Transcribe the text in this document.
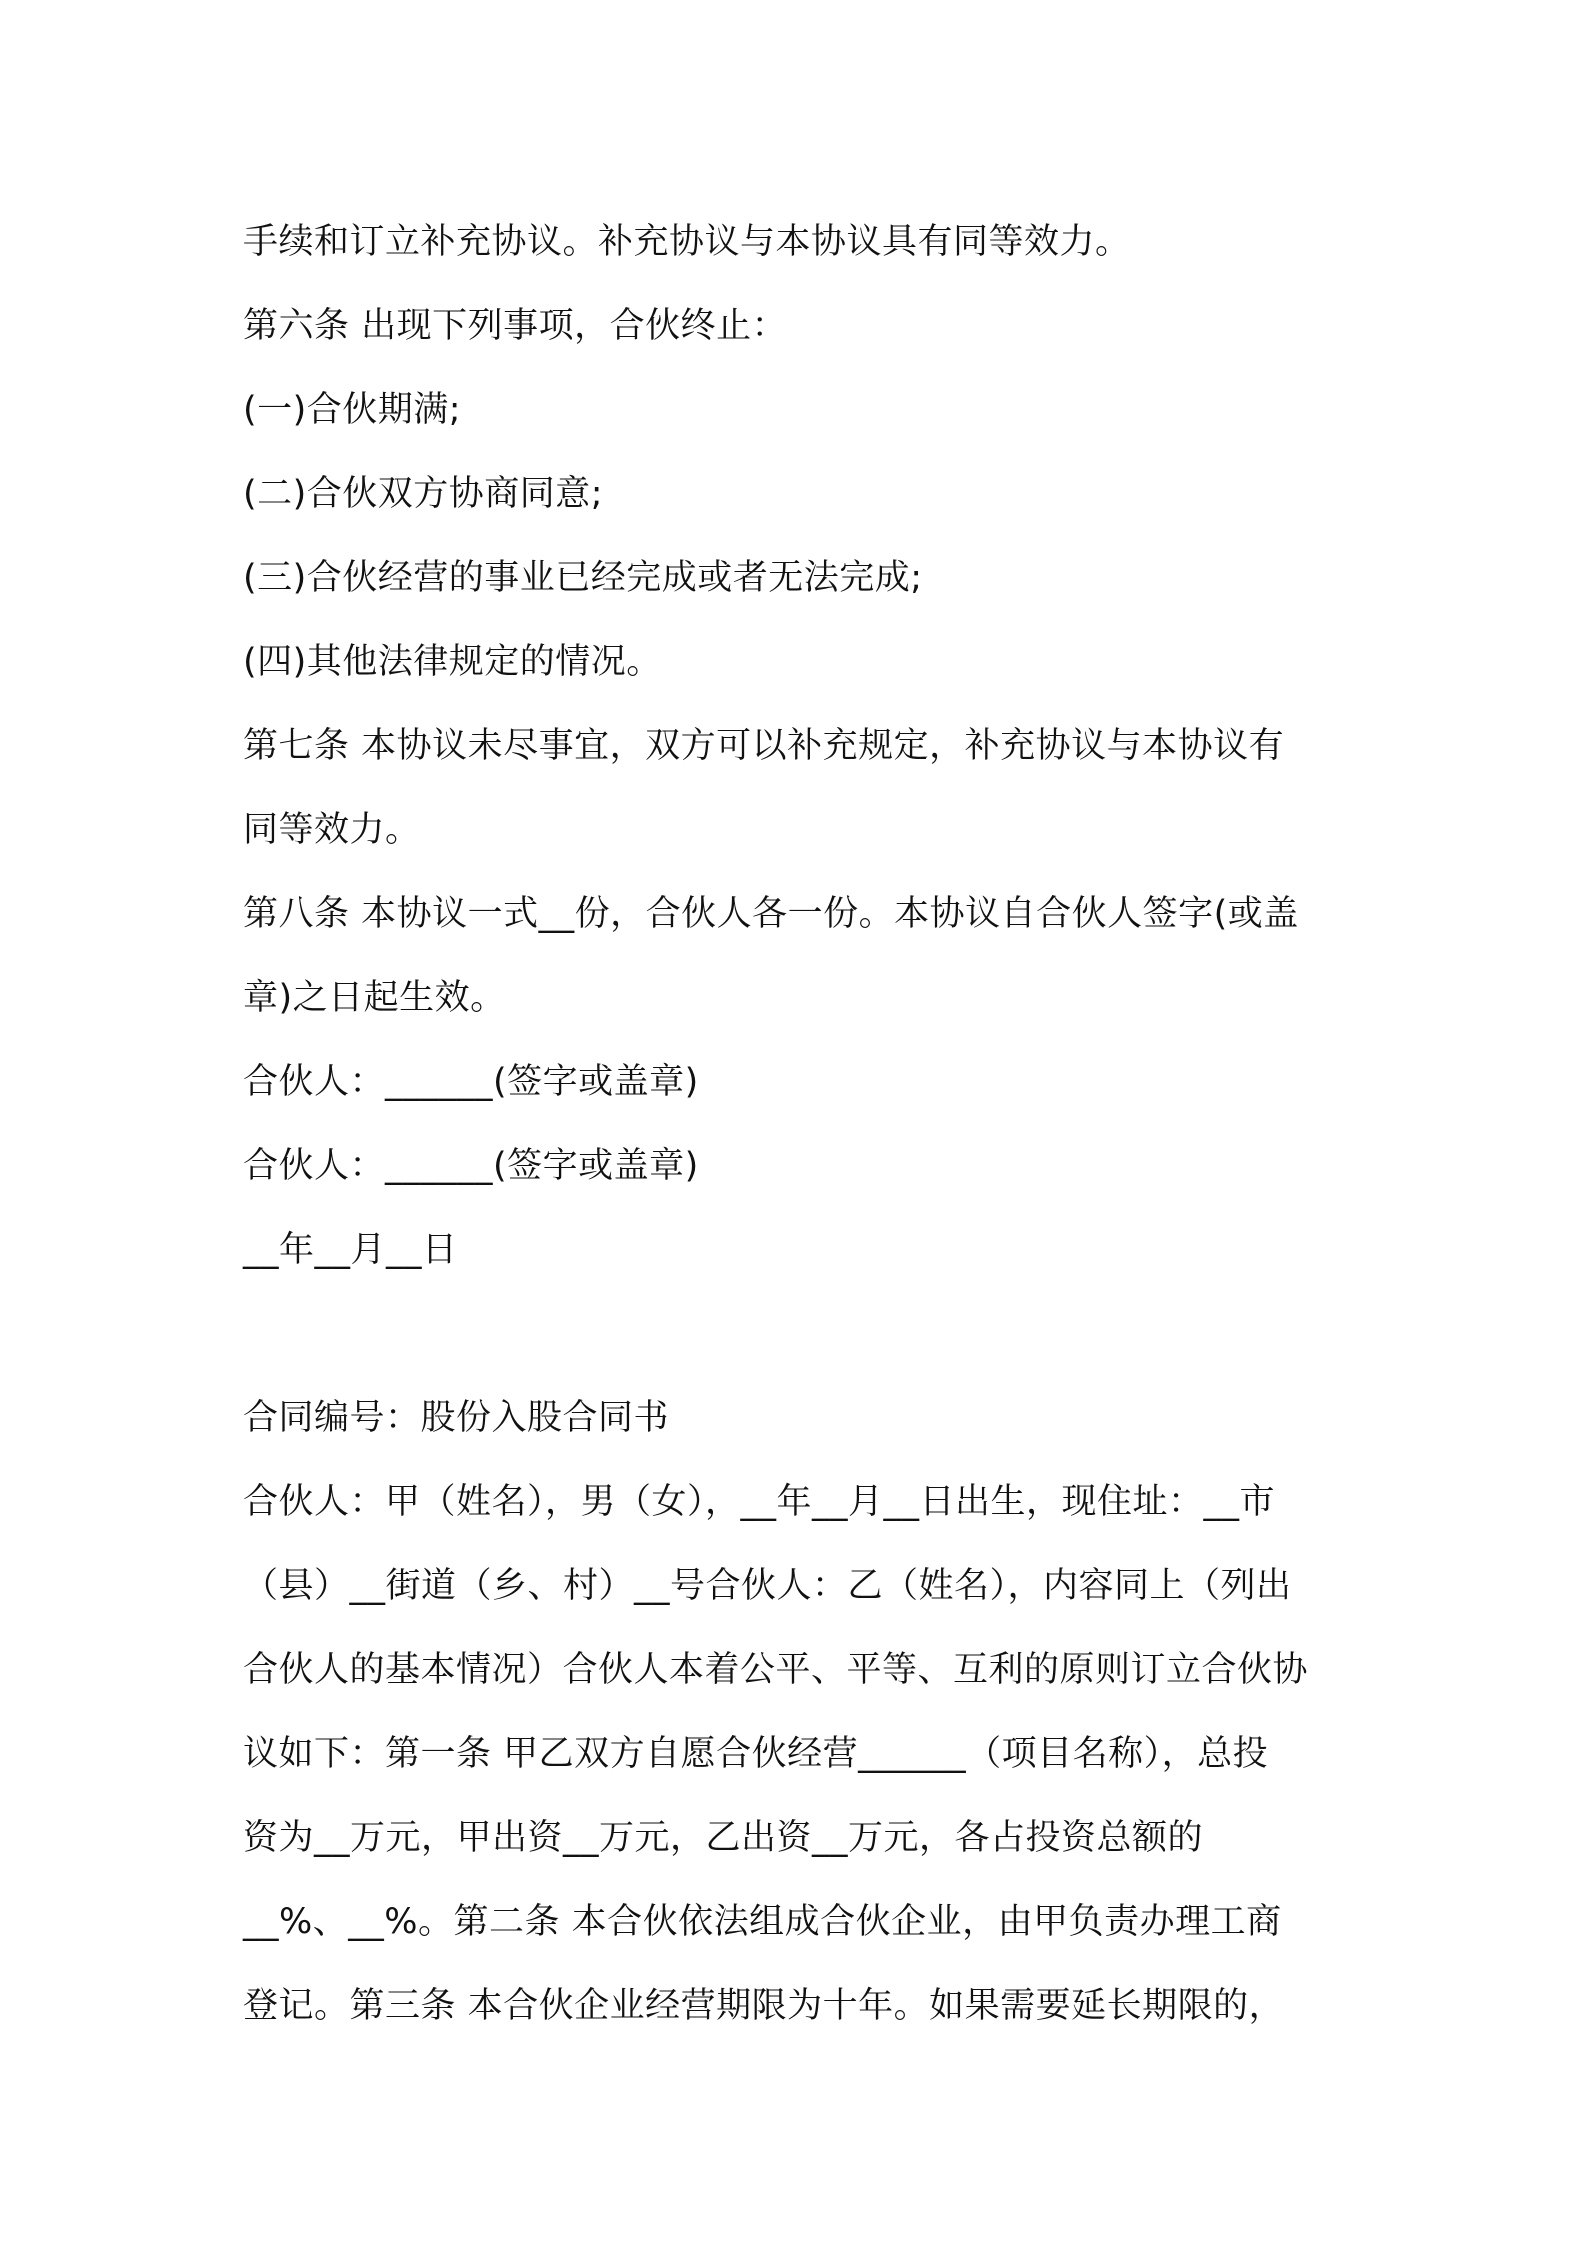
手续和订立补充协议。补充协议与本协议具有同等效力。
第六条 出现下列事项，合伙终止：
(一)合伙期满;
(二)合伙双方协商同意;
(三)合伙经营的事业已经完成或者无法完成;
(四)其他法律规定的情况。
第七条 本协议未尽事宜，双方可以补充规定，补充协议与本协议有
同等效力。
第八条 本协议一式__份，合伙人各一份。本协议自合伙人签字(或盖
章)之日起生效。
合伙人：______(签字或盖章)
合伙人：______(签字或盖章)
__年__月__日
合同编号：股份入股合同书
合伙人：甲（姓名），男（女），__年__月__日出生，现住址：__市
（县）__街道（乡、村）__号合伙人：乙（姓名），内容同上（列出
合伙人的基本情况）合伙人本着公平、平等、互利的原则订立合伙协
议如下：第一条 甲乙双方自愿合伙经营______（项目名称），总投
资为__万元，甲出资__万元，乙出资__万元，各占投资总额的
__%、__%。第二条 本合伙依法组成合伙企业，由甲负责办理工商
登记。第三条 本合伙企业经营期限为十年。如果需要延长期限的，
